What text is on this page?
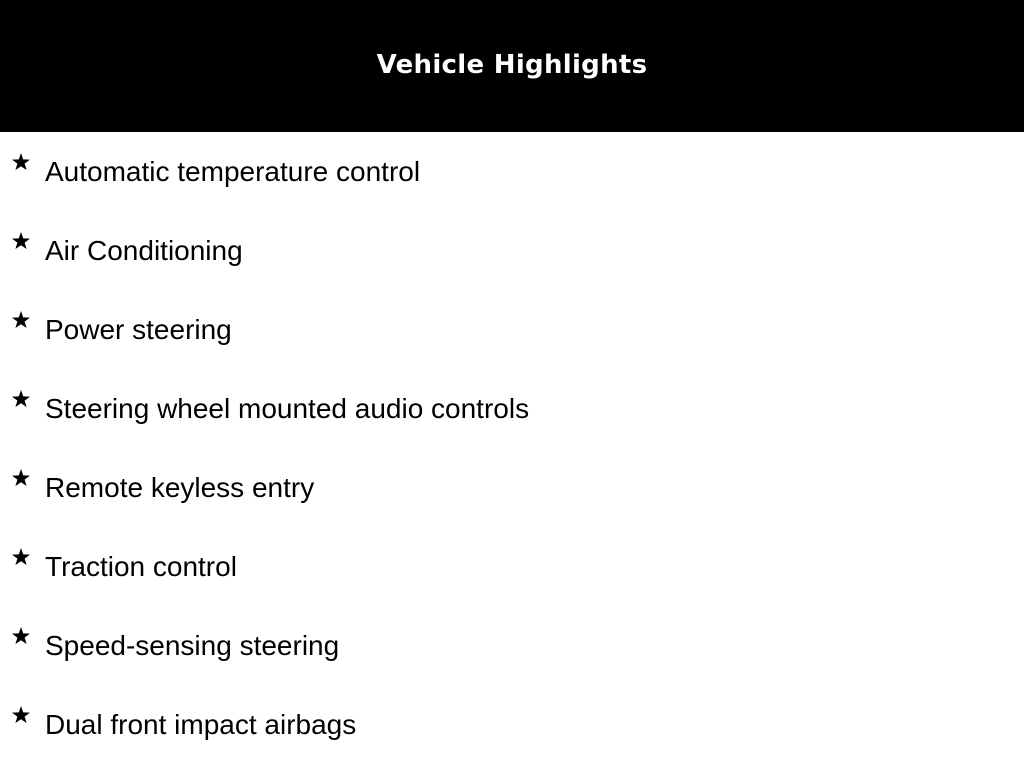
Vehicle Highlights
Automatic temperature control
Air Conditioning
Power steering
Steering wheel mounted audio controls
Remote keyless entry
Traction control
Speed-sensing steering
Dual front impact airbags
